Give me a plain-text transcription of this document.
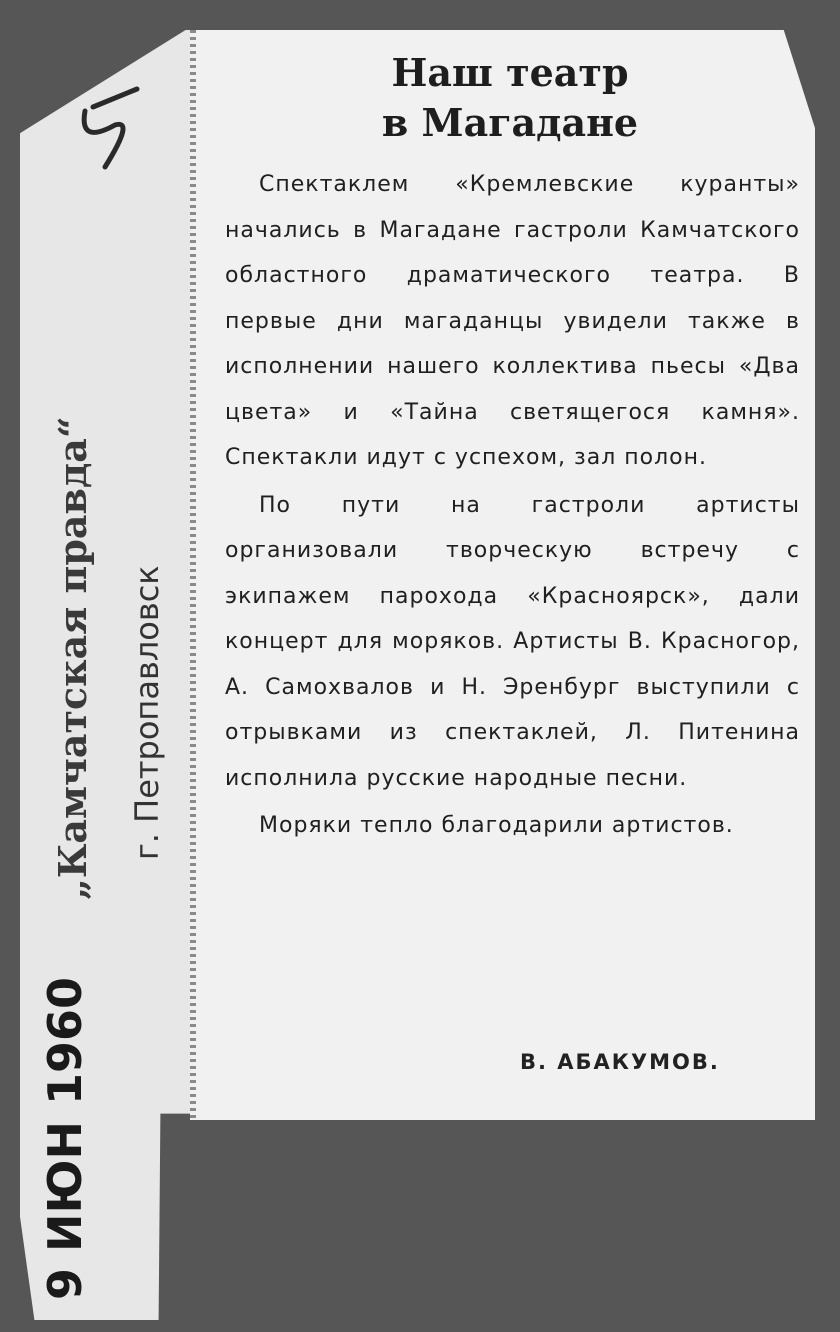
Наш театр
в Магадане

Спектаклем «Кремлевские куранты» начались в Магадане гастроли Камчатского областного драматического театра. В первые дни магаданцы увидели также в исполнении нашего коллектива пьесы «Два цвета» и «Тайна светящегося камня». Спектакли идут с успехом, зал полон.

По пути на гастроли артисты организовали творческую встречу с экипажем парохода «Красноярск», дали концерт для моряков. Артисты В. Красногор, А. Самохвалов и Н. Эренбург выступили с отрывками из спектаклей, Л. Питенина исполнила русские народные песни.

Моряки тепло благодарили артистов.

В. АБАКУМОВ.
„Камчатская правда“ г. Петропавловск
9 ИЮН 1960
